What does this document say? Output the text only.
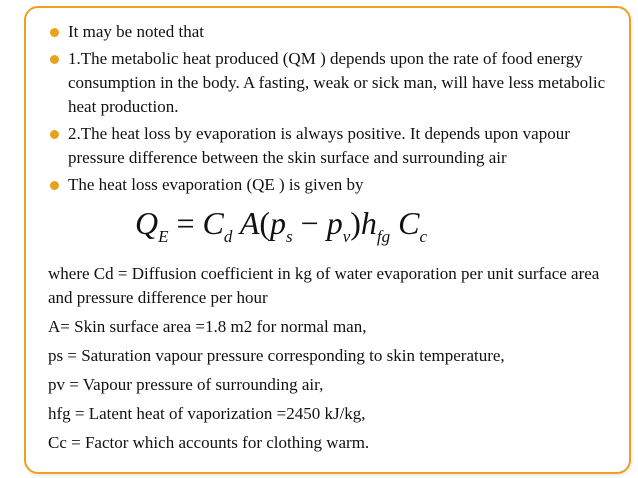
It may be noted that
1.The metabolic heat produced (QM ) depends upon the rate of food energy consumption in the body. A fasting, weak or sick man, will have less metabolic heat production.
2.The heat loss by evaporation is always positive. It depends upon vapour pressure difference between the skin surface and surrounding air
The heat loss evaporation (QE ) is given by
$Q_E = C_d$ $A(p_s - p_v)h_{fg}$ $C_c$

where Cd = Diffusion coefficient in kg of water evaporation per unit surface area and pressure difference per hour

A= Skin surface area =1.8 m2 for normal man,

ps = Saturation vapour pressure corresponding to skin temperature,

pv = Vapour pressure of surrounding air,

hfg = Latent heat of vaporization =2450 kJ/kg,

Cc = Factor which accounts for clothing warm.
